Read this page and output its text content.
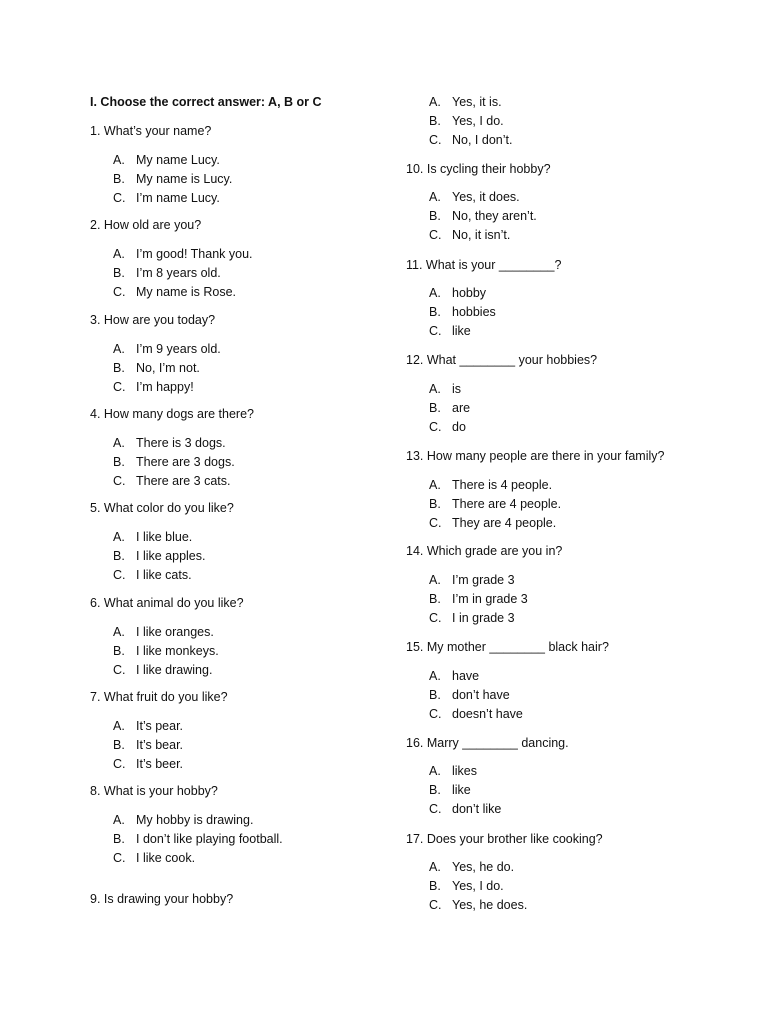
I. Choose the correct answer: A, B or C
1. What’s your name?
A. My name Lucy.
B. My name is Lucy.
C. I’m name Lucy.
2. How old are you?
A. I’m good! Thank you.
B. I’m 8 years old.
C. My name is Rose.
3. How are you today?
A. I’m 9 years old.
B. No, I’m not.
C. I’m happy!
4. How many dogs are there?
A. There is 3 dogs.
B. There are 3 dogs.
C. There are 3 cats.
5. What color do you like?
A. I like blue.
B. I like apples.
C. I like cats.
6. What animal do you like?
A. I like oranges.
B. I like monkeys.
C. I like drawing.
7. What fruit do you like?
A. It’s pear.
B. It’s bear.
C. It’s beer.
8. What is your hobby?
A. My hobby is drawing.
B. I don’t like playing football.
C. I like cook.
9. Is drawing your hobby?
A. Yes, it is.
B. Yes, I do.
C. No, I don’t.
10. Is cycling their hobby?
A. Yes, it does.
B. No, they aren’t.
C. No, it isn’t.
11. What is your ________?
A. hobby
B. hobbies
C. like
12. What ________ your hobbies?
A. is
B. are
C. do
13. How many people are there in your family?
A. There is 4 people.
B. There are 4 people.
C. They are 4 people.
14. Which grade are you in?
A. I’m grade 3
B. I’m in grade 3
C. I in grade 3
15. My mother ________ black hair?
A. have
B. don’t have
C. doesn’t have
16. Marry ________ dancing.
A. likes
B. like
C. don’t like
17. Does your brother like cooking?
A. Yes, he do.
B. Yes, I do.
C. Yes, he does.
